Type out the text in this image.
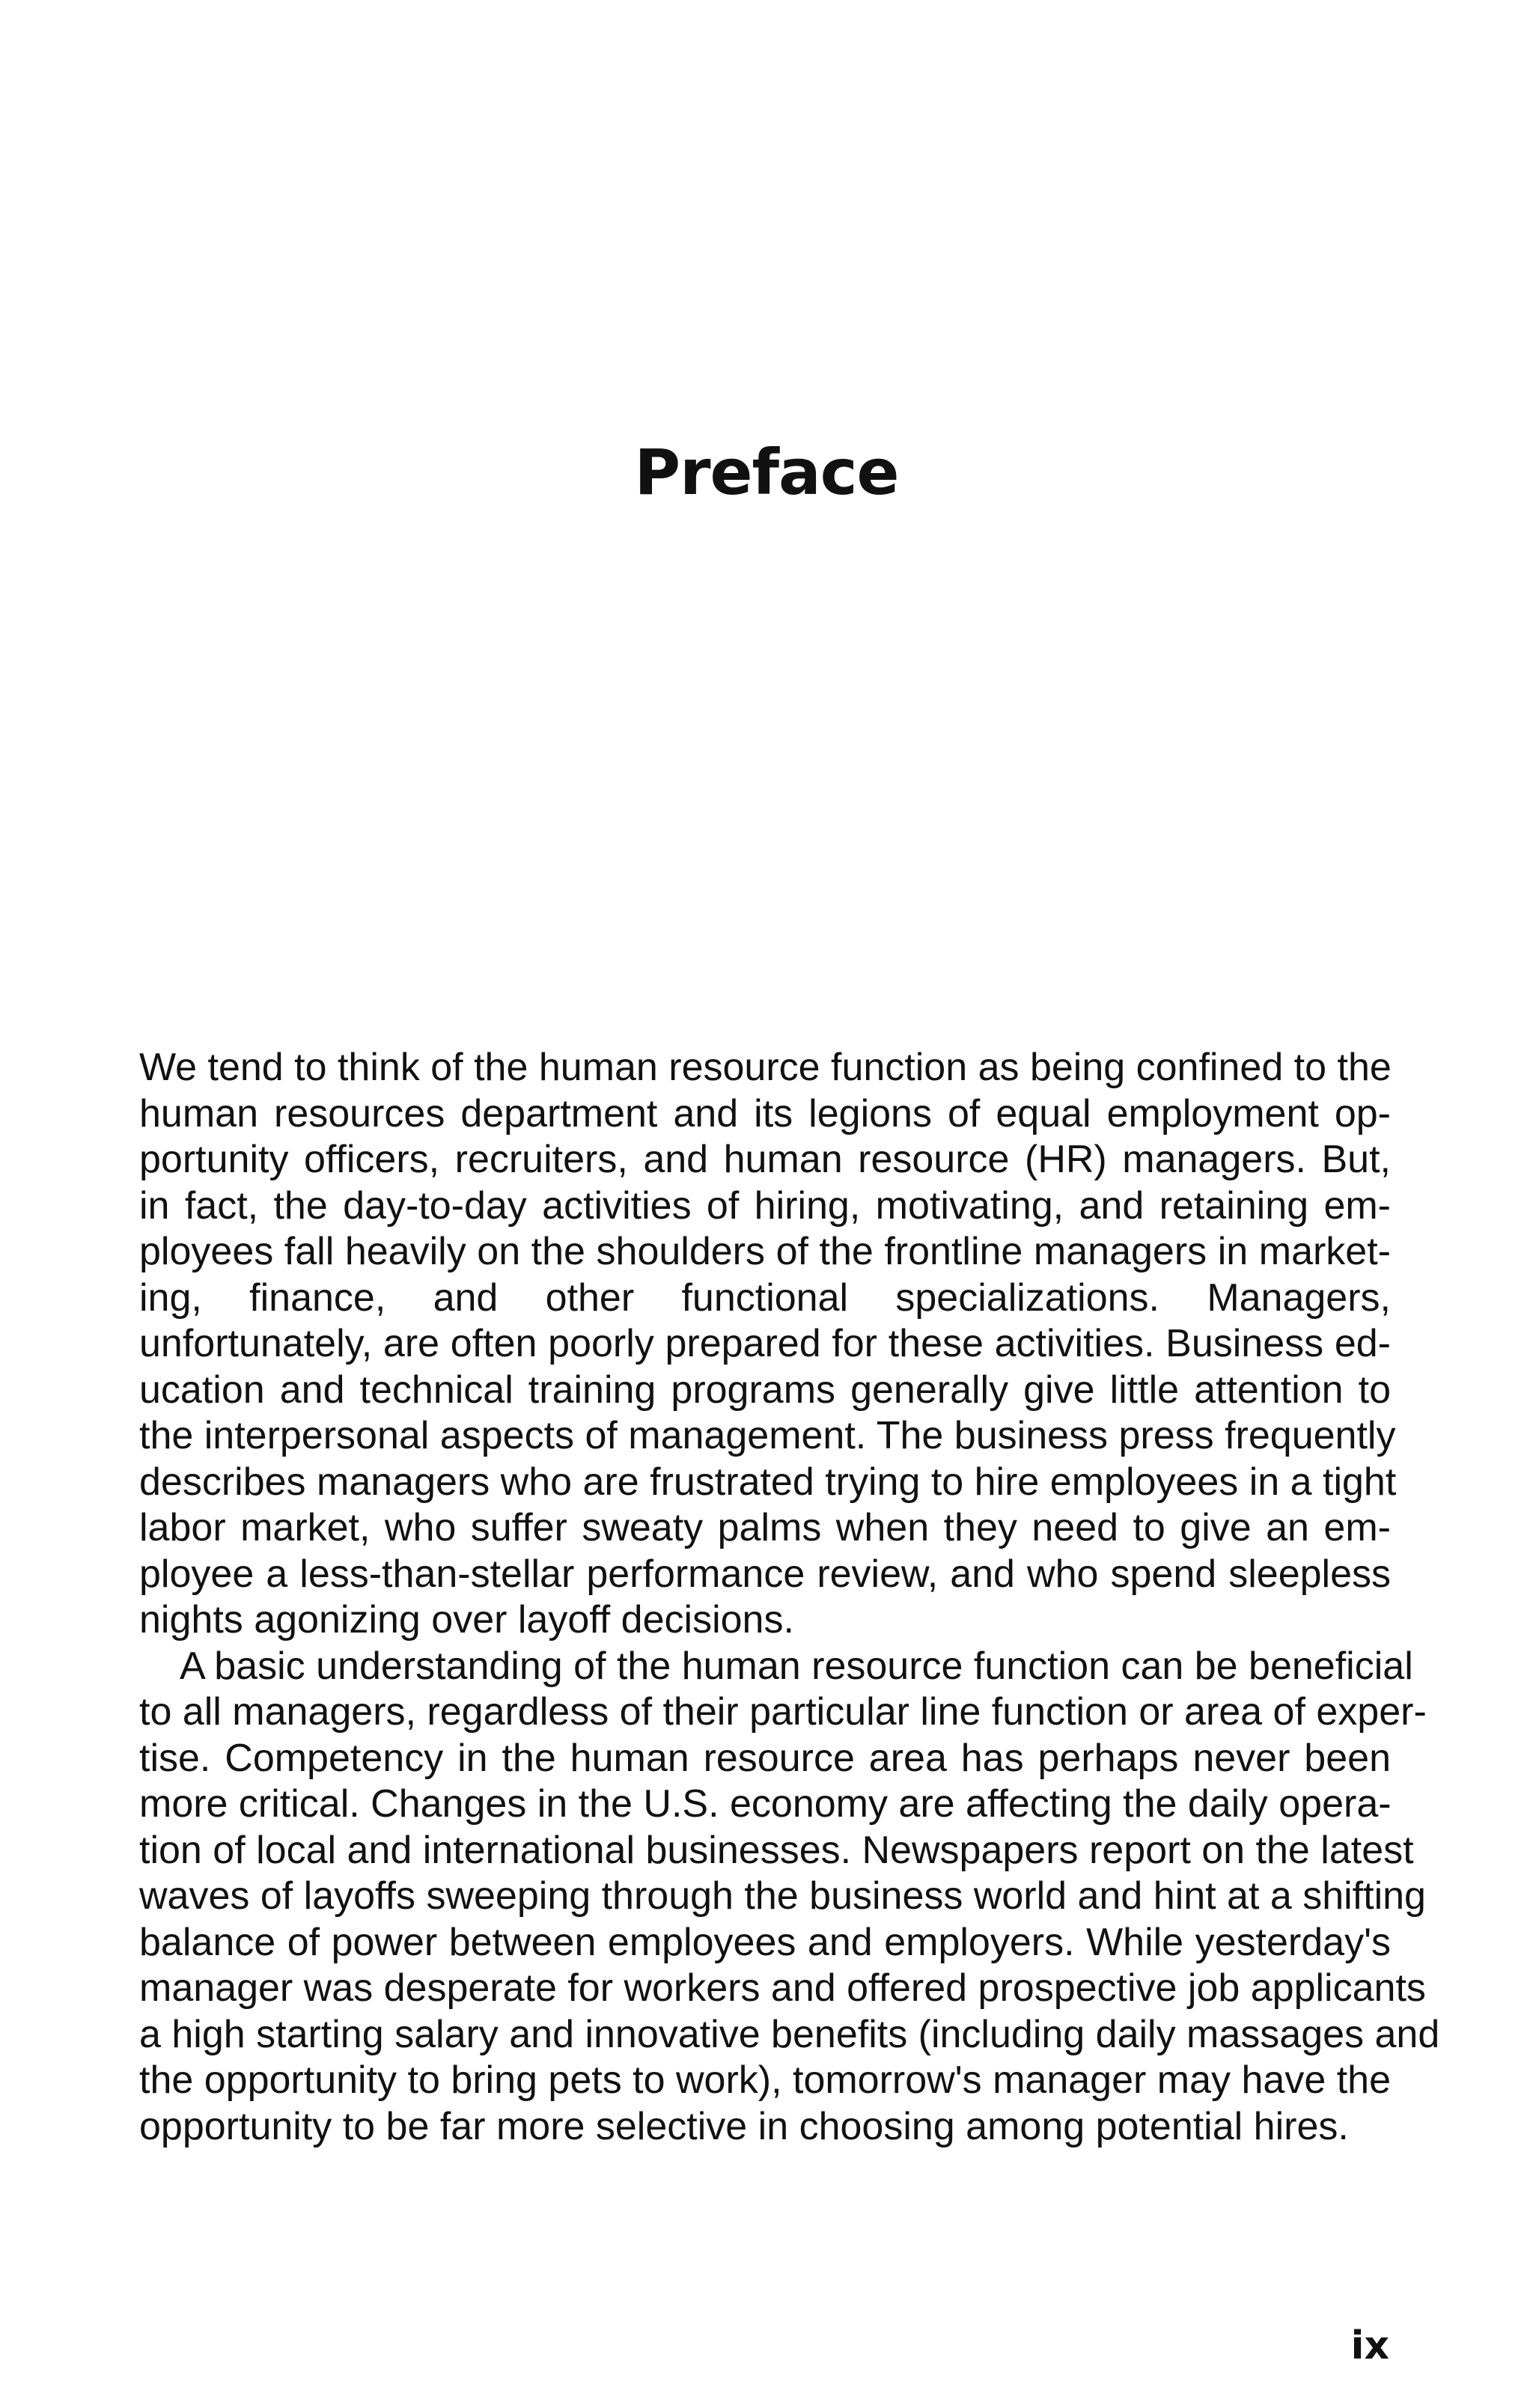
Preface

We tend to think of the human resource function as being confined to the
human resources department and its legions of equal employment op-
portunity officers, recruiters, and human resource (HR) managers. But,
in fact, the day-to-day activities of hiring, motivating, and retaining em-
ployees fall heavily on the shoulders of the frontline managers in market-
ing, finance, and other functional specializations. Managers,
unfortunately, are often poorly prepared for these activities. Business ed-
ucation and technical training programs generally give little attention to
the interpersonal aspects of management. The business press frequently
describes managers who are frustrated trying to hire employees in a tight
labor market, who suffer sweaty palms when they need to give an em-
ployee a less-than-stellar performance review, and who spend sleepless
nights agonizing over layoff decisions.

A basic understanding of the human resource function can be beneficial
to all managers, regardless of their particular line function or area of exper-
tise. Competency in the human resource area has perhaps never been
more critical. Changes in the U.S. economy are affecting the daily opera-
tion of local and international businesses. Newspapers report on the latest
waves of layoffs sweeping through the business world and hint at a shifting
balance of power between employees and employers. While yesterday's
manager was desperate for workers and offered prospective job applicants
a high starting salary and innovative benefits (including daily massages and
the opportunity to bring pets to work), tomorrow's manager may have the
opportunity to be far more selective in choosing among potential hires.

ix
